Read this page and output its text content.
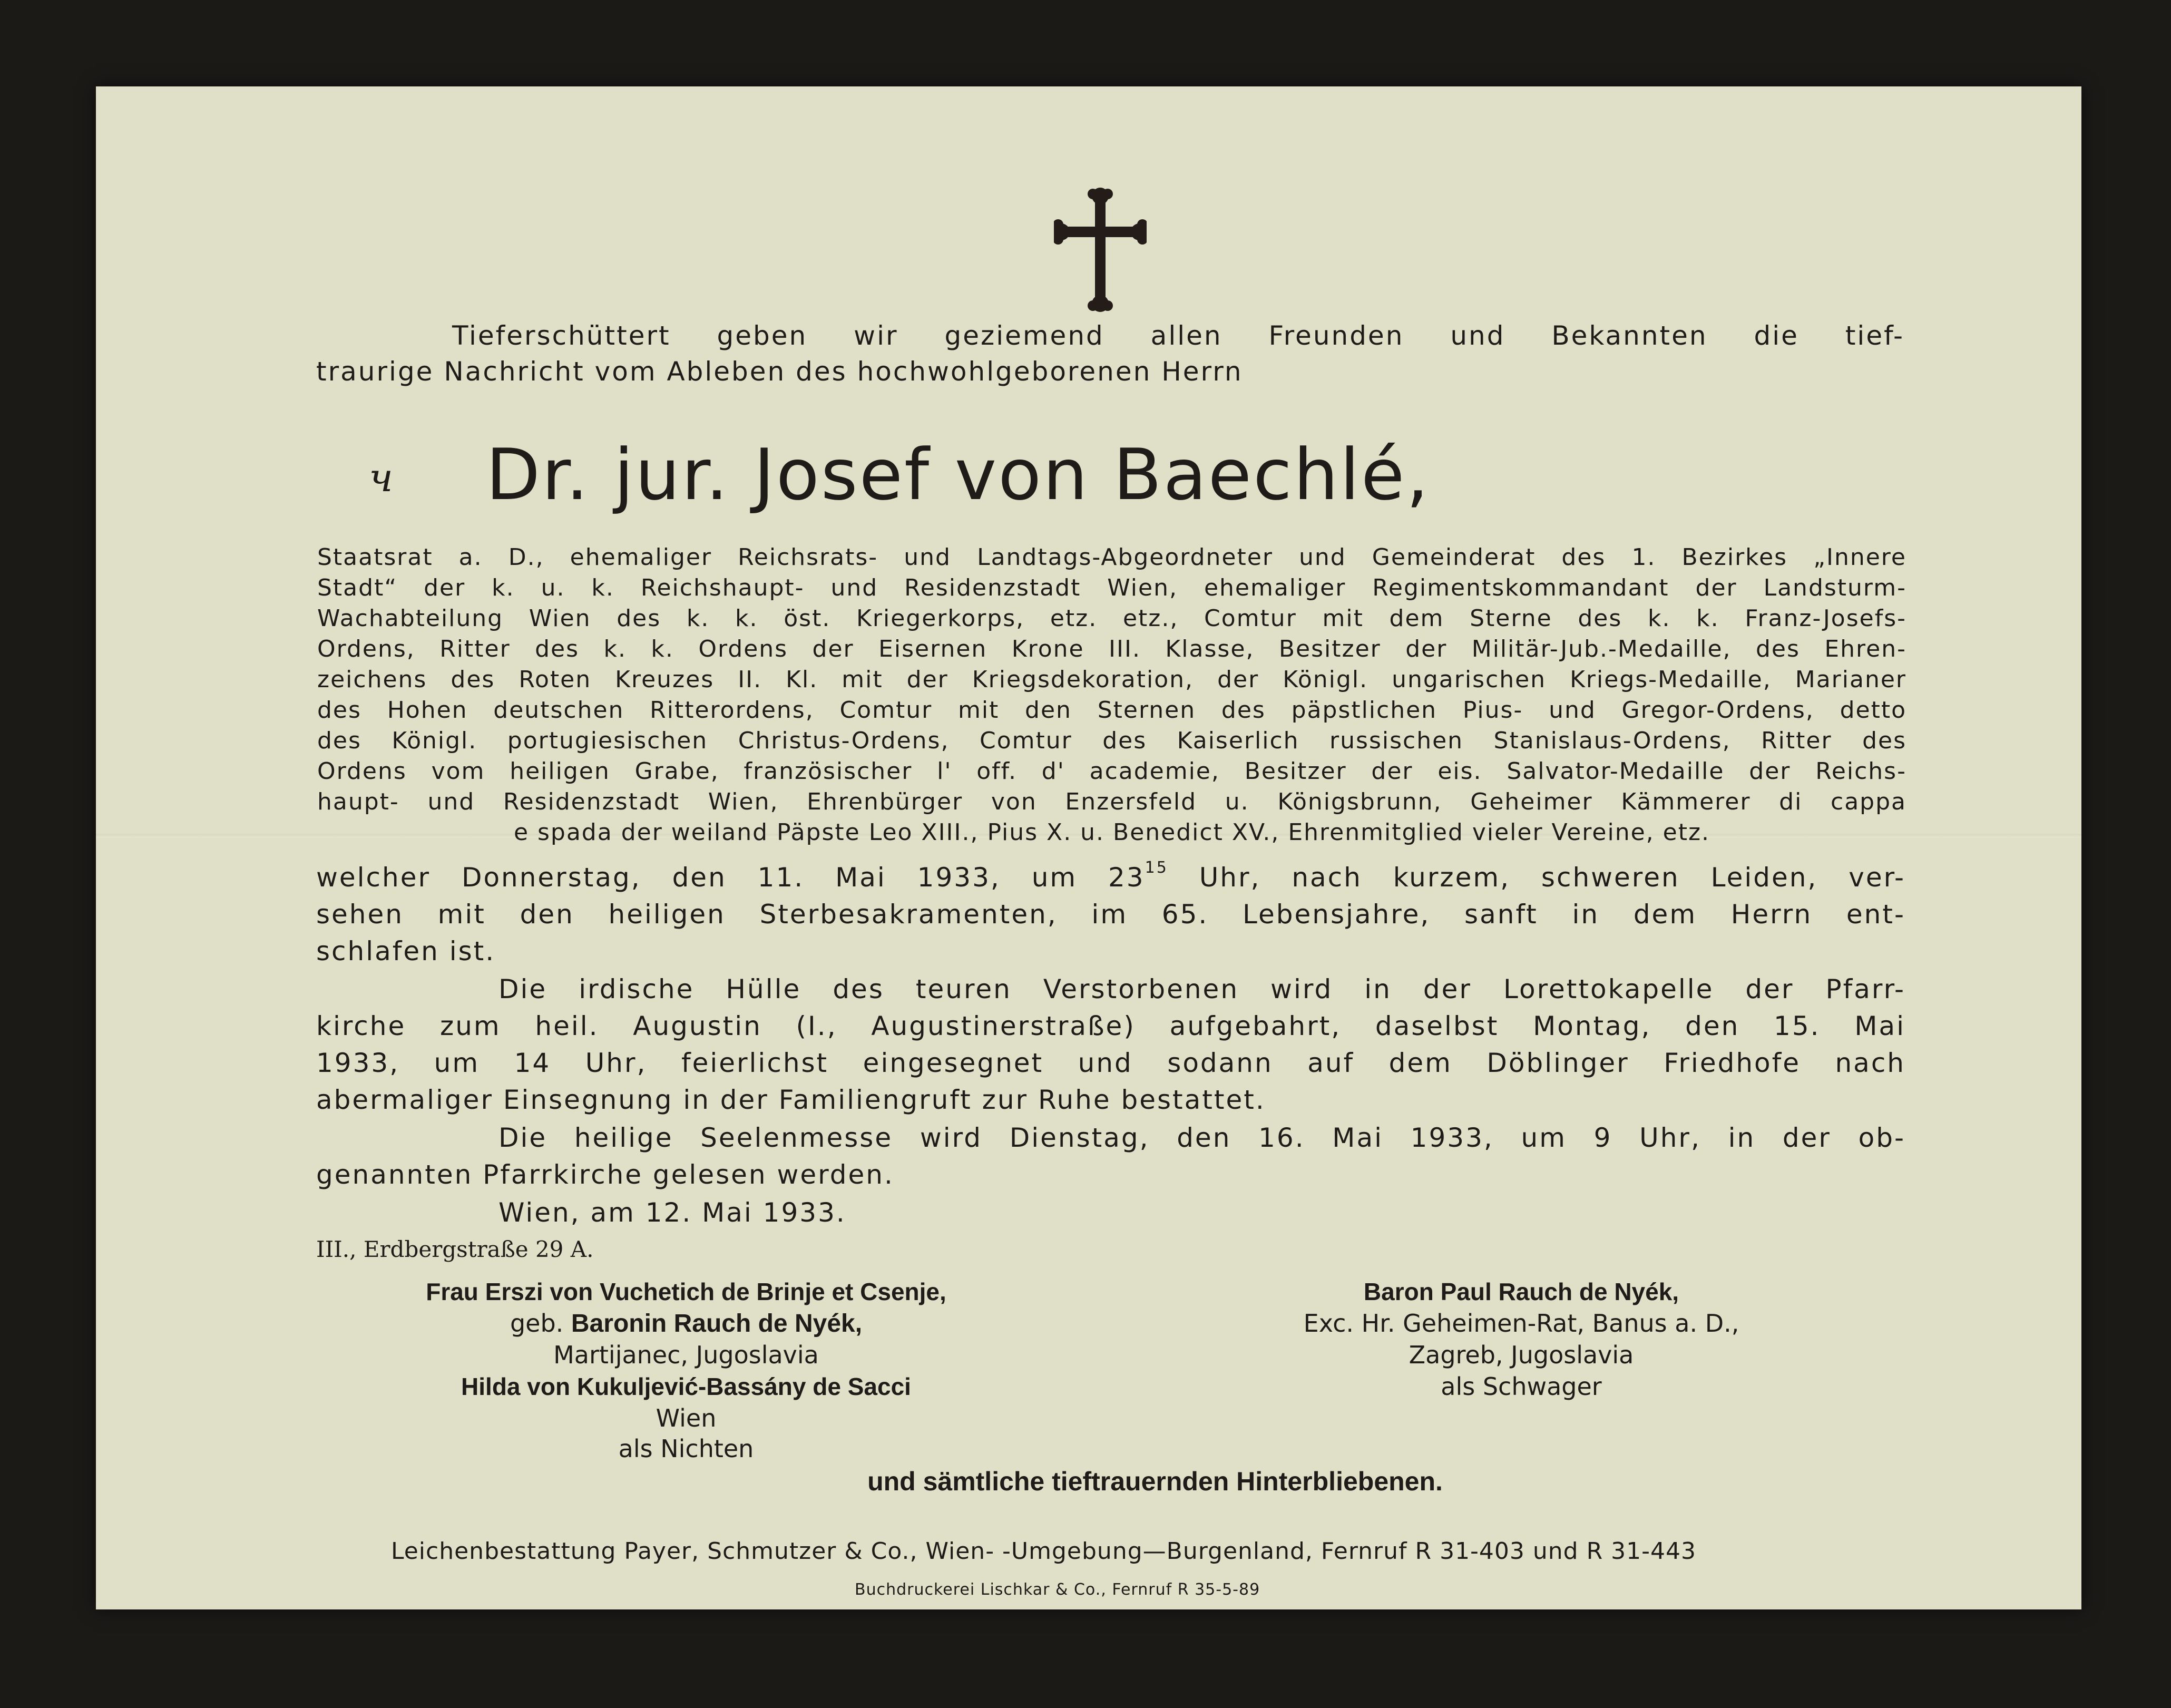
Tieferschüttert geben wir geziemend allen Freunden und Bekannten die tief-
traurige Nachricht vom Ableben des hochwohlgeborenen Herrn
ч Dr. jur. Josef von Baechlé,
Staatsrat a. D., ehemaliger Reichsrats- und Landtags-Abgeordneter und Gemeinderat des 1. Bezirkes „Innere
Stadt“ der k. u. k. Reichshaupt- und Residenzstadt Wien, ehemaliger Regimentskommandant der Landsturm-
Wachabteilung Wien des k. k. öst. Kriegerkorps, etz. etz., Comtur mit dem Sterne des k. k. Franz-Josefs-
Ordens, Ritter des k. k. Ordens der Eisernen Krone III. Klasse, Besitzer der Militär-Jub.-Medaille, des Ehren-
zeichens des Roten Kreuzes II. Kl. mit der Kriegsdekoration, der Königl. ungarischen Kriegs-Medaille, Marianer
des Hohen deutschen Ritterordens, Comtur mit den Sternen des päpstlichen Pius- und Gregor-Ordens, detto
des Königl. portugiesischen Christus-Ordens, Comtur des Kaiserlich russischen Stanislaus-Ordens, Ritter des
Ordens vom heiligen Grabe, französischer l' off. d' academie, Besitzer der eis. Salvator-Medaille der Reichs-
haupt- und Residenzstadt Wien, Ehrenbürger von Enzersfeld u. Königsbrunn, Geheimer Kämmerer di cappa
e spada der weiland Päpste Leo XIII., Pius X. u. Benedict XV., Ehrenmitglied vieler Vereine, etz.
welcher Donnerstag, den 11. Mai 1933, um $23^{15}$ Uhr, nach kurzem, schweren Leiden, ver-
sehen mit den heiligen Sterbesakramenten, im 65. Lebensjahre, sanft in dem Herrn ent-
schlafen ist.
Die irdische Hülle des teuren Verstorbenen wird in der Lorettokapelle der Pfarr-
kirche zum heil. Augustin (I., Augustinerstraße) aufgebahrt, daselbst Montag, den 15. Mai
1933, um 14 Uhr, feierlichst eingesegnet und sodann auf dem Döblinger Friedhofe nach
abermaliger Einsegnung in der Familiengruft zur Ruhe bestattet.
Die heilige Seelenmesse wird Dienstag, den 16. Mai 1933, um 9 Uhr, in der ob-
genannten Pfarrkirche gelesen werden.
Wien, am 12. Mai 1933.
III., Erdbergstraße 29 A.
Frau Erszi von Vuchetich de Brinje et Csenje,
geb. Baronin Rauch de Nyék,
Martijanec, Jugoslavia
Hilda von Kukuljević-Bassány de Sacci
Wien
als Nichten
Baron Paul Rauch de Nyék,
Exc. Hr. Geheimen-Rat, Banus a. D.,
Zagreb, Jugoslavia
als Schwager
und sämtliche tieftrauernden Hinterbliebenen.
Leichenbestattung Payer, Schmutzer & Co., Wien- -Umgebung—Burgenland, Fernruf R 31-403 und R 31-443
Buchdruckerei Lischkar & Co., Fernruf R 35-5-89
